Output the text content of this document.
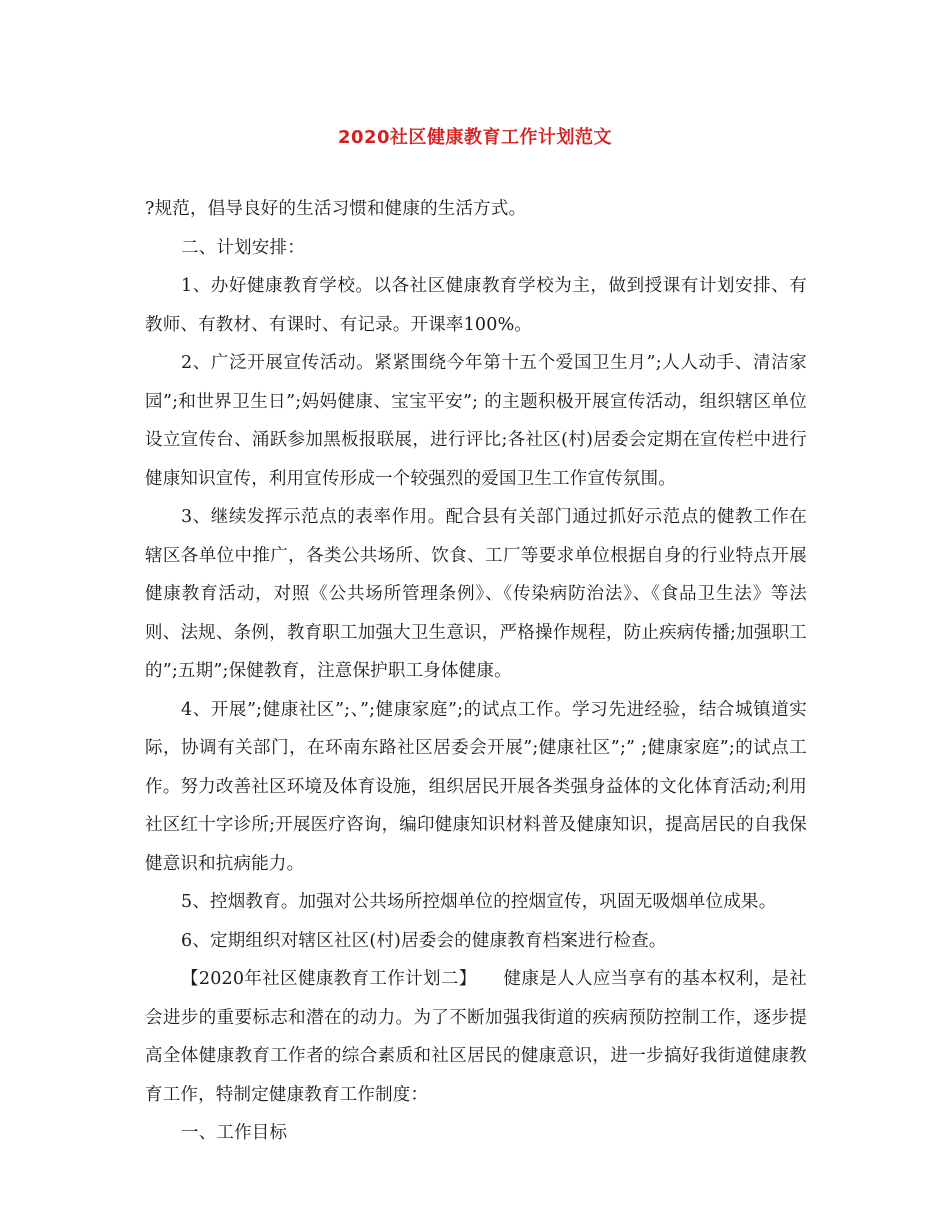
2020社区健康教育工作计划范文

?规范，倡导良好的生活习惯和健康的生活方式。

二、计划安排：

1、办好健康教育学校。以各社区健康教育学校为主，做到授课有计划安排、有教师、有教材、有课时、有记录。开课率100%。

2、广泛开展宣传活动。紧紧围绕今年第十五个爱国卫生月”;人人动手、清洁家园”;和世界卫生日”;妈妈健康、宝宝平安”; 的主题积极开展宣传活动，组织辖区单位设立宣传台、涌跃参加黑板报联展，进行评比;各社区(村)居委会定期在宣传栏中进行健康知识宣传，利用宣传形成一个较强烈的爱国卫生工作宣传氛围。

3、继续发挥示范点的表率作用。配合县有关部门通过抓好示范点的健教工作在辖区各单位中推广，各类公共场所、饮食、工厂等要求单位根据自身的行业特点开展健康教育活动，对照《公共场所管理条例》、《传染病防治法》、《食品卫生法》等法则、法规、条例，教育职工加强大卫生意识，严格操作规程，防止疾病传播;加强职工的”;五期”;保健教育，注意保护职工身体健康。

4、开展”;健康社区”;、”;健康家庭”;的试点工作。学习先进经验，结合城镇道实际，协调有关部门，在环南东路社区居委会开展”;健康社区”;” ;健康家庭”;的试点工作。努力改善社区环境及体育设施，组织居民开展各类强身益体的文化体育活动;利用社区红十字诊所;开展医疗咨询，编印健康知识材料普及健康知识，提高居民的自我保健意识和抗病能力。

5、控烟教育。加强对公共场所控烟单位的控烟宣传，巩固无吸烟单位成果。

6、定期组织对辖区社区(村)居委会的健康教育档案进行检查。

【2020年社区健康教育工作计划二】　　健康是人人应当享有的基本权利，是社会进步的重要标志和潜在的动力。为了不断加强我街道的疾病预防控制工作，逐步提高全体健康教育工作者的综合素质和社区居民的健康意识，进一步搞好我街道健康教育工作，特制定健康教育工作制度：

一、工作目标
